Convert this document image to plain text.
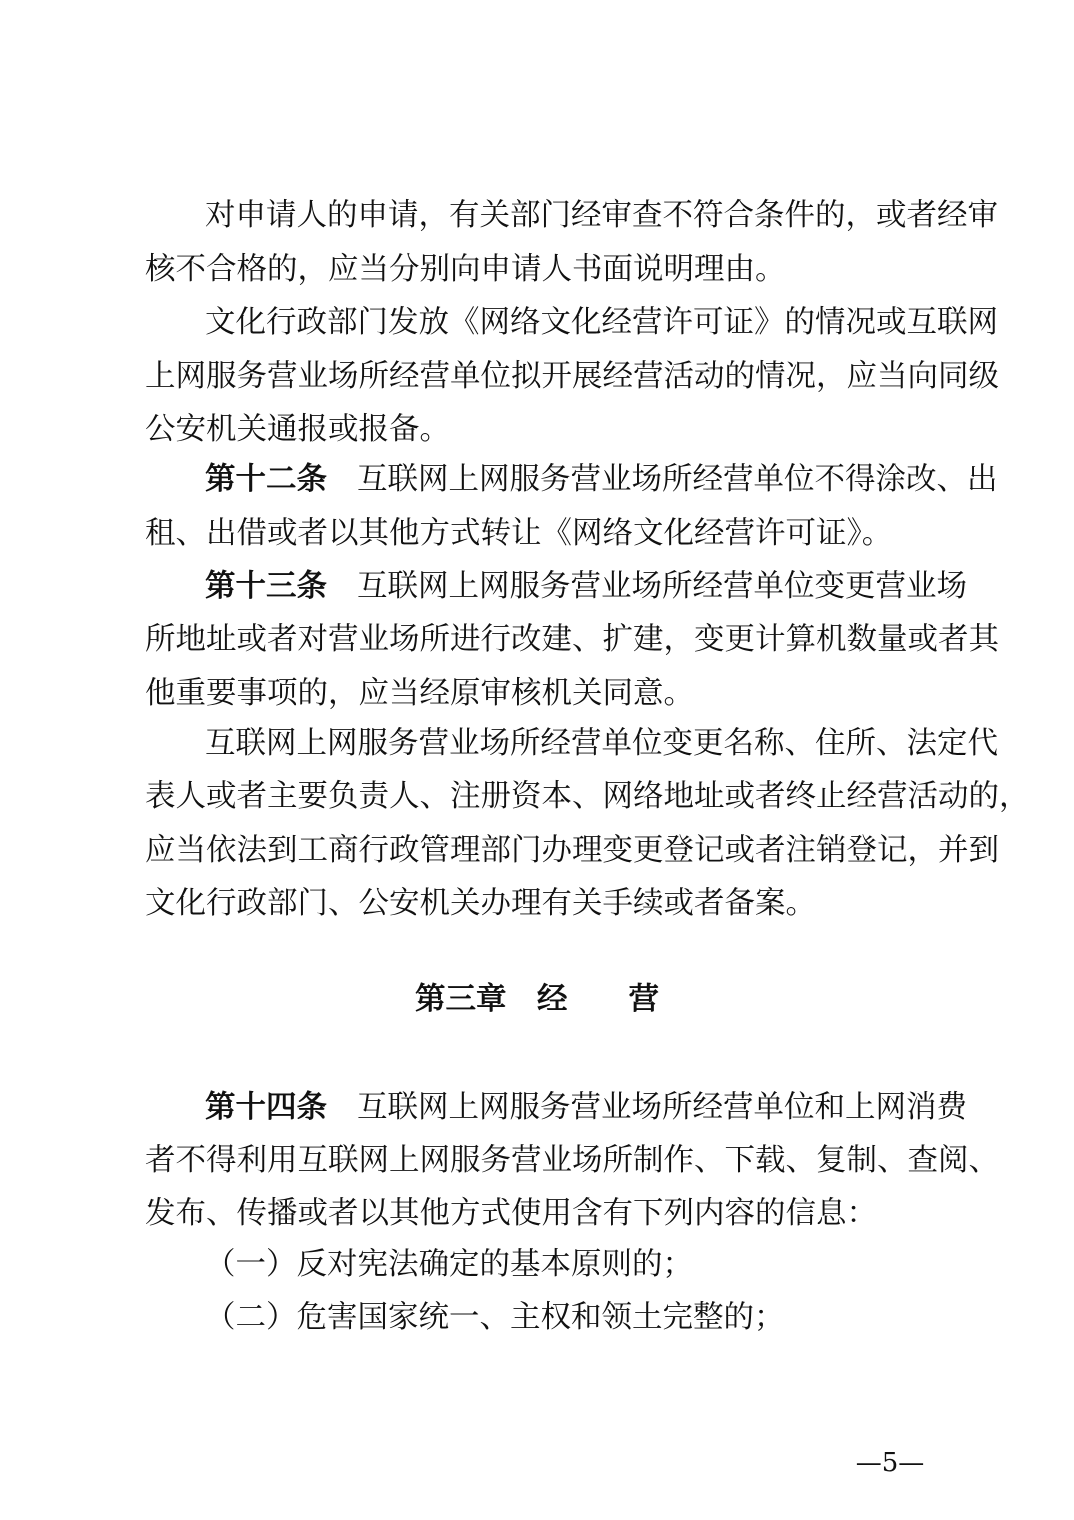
对申请人的申请，有关部门经审查不符合条件的，或者经审
核不合格的，应当分别向申请人书面说明理由。
文化行政部门发放《网络文化经营许可证》的情况或互联网
上网服务营业场所经营单位拟开展经营活动的情况，应当向同级
公安机关通报或报备。
第十二条 互联网上网服务营业场所经营单位不得涂改、出
租、出借或者以其他方式转让《网络文化经营许可证》。
第十三条 互联网上网服务营业场所经营单位变更营业场
所地址或者对营业场所进行改建、扩建，变更计算机数量或者其
他重要事项的，应当经原审核机关同意。
互联网上网服务营业场所经营单位变更名称、住所、法定代
表人或者主要负责人、注册资本、网络地址或者终止经营活动的，
应当依法到工商行政管理部门办理变更登记或者注销登记，并到
文化行政部门、公安机关办理有关手续或者备案。
第三章　经　　营
第十四条 互联网上网服务营业场所经营单位和上网消费
者不得利用互联网上网服务营业场所制作、下载、复制、查阅、
发布、传播或者以其他方式使用含有下列内容的信息：
（一）反对宪法确定的基本原则的；
（二）危害国家统一、主权和领土完整的；
—5—
